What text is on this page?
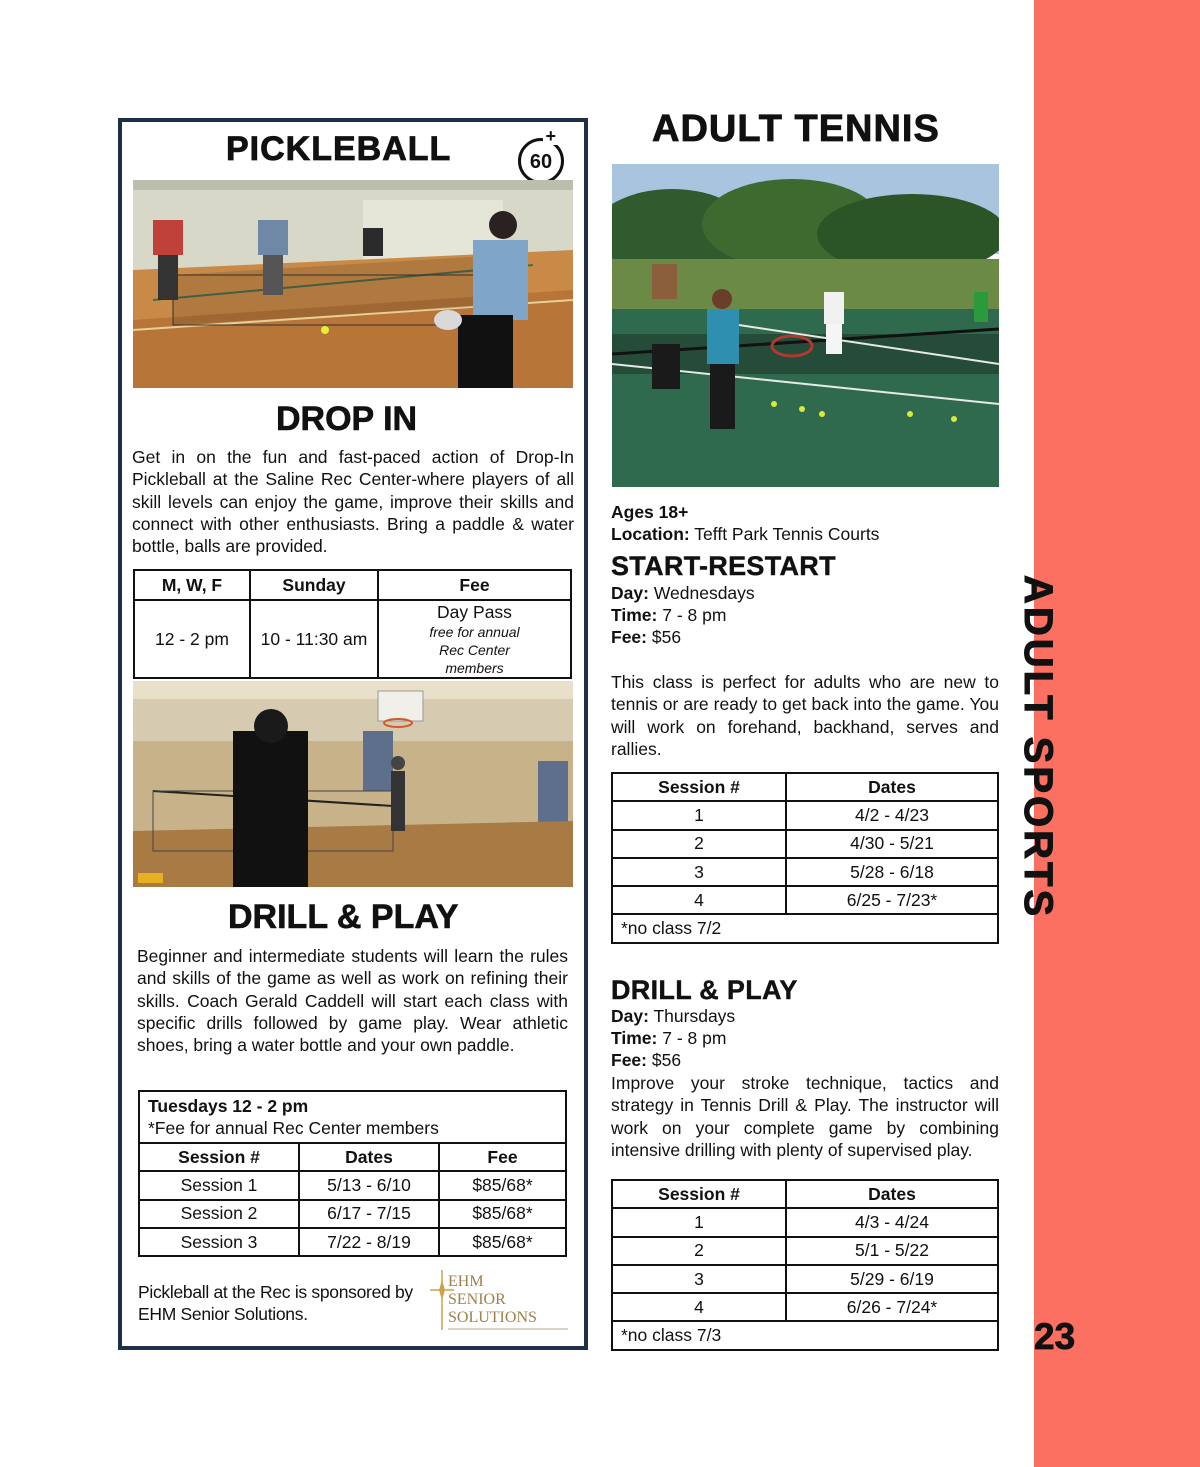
ADULT SPORTS
23
PICKLEBALL	+
60
DROP IN
Get in on the fun and fast-paced action of Drop-In Pickleball at the Saline Rec Center-where players of all skill levels can enjoy the game, improve their skills and connect with other enthusiasts. Bring a paddle & water bottle, balls are provided.
M, W, F	Sunday	Fee
12 - 2 pm	10 - 11:30 am	Day Pass
free for annual Rec Center members
DRILL & PLAY
Beginner and intermediate students will learn the rules and skills of the game as well as work on refining their skills. Coach Gerald Caddell will start each class with specific drills followed by game play. Wear athletic shoes, bring a water bottle and your own paddle.
Tuesdays 12 - 2 pm
*Fee for annual Rec Center members		

Session #	Dates	Fee
Session 1	5/13 - 6/10	$85/68*
Session 2	6/17 - 7/15	$85/68*
Session 3	7/22 - 8/19	$85/68*
Pickleball at the Rec is sponsored by EHM Senior Solutions.
EHM
SENIOR
SOLUTIONS
ADULT TENNIS
Ages 18+
Location: Tefft Park Tennis Courts
START-RESTART
Day: Wednesdays
Time: 7 - 8 pm
Fee: $56
This class is perfect for adults who are new to tennis or are ready to get back into the game. You will work on forehand, backhand, serves and rallies.
Session #	Dates
1	4/2 - 4/23
2	4/30 - 5/21
3	5/28 - 6/18
4	6/25 - 7/23*
*no class 7/2	
DRILL & PLAY
Day: Thursdays
Time: 7 - 8 pm
Fee: $56
Improve your stroke technique, tactics and strategy in Tennis Drill & Play. The instructor will work on your complete game by combining intensive drilling with plenty of supervised play.
Session #	Dates
1	4/3 - 4/24
2	5/1 - 5/22
3	5/29 - 6/19
4	6/26 - 7/24*
*no class 7/3	
